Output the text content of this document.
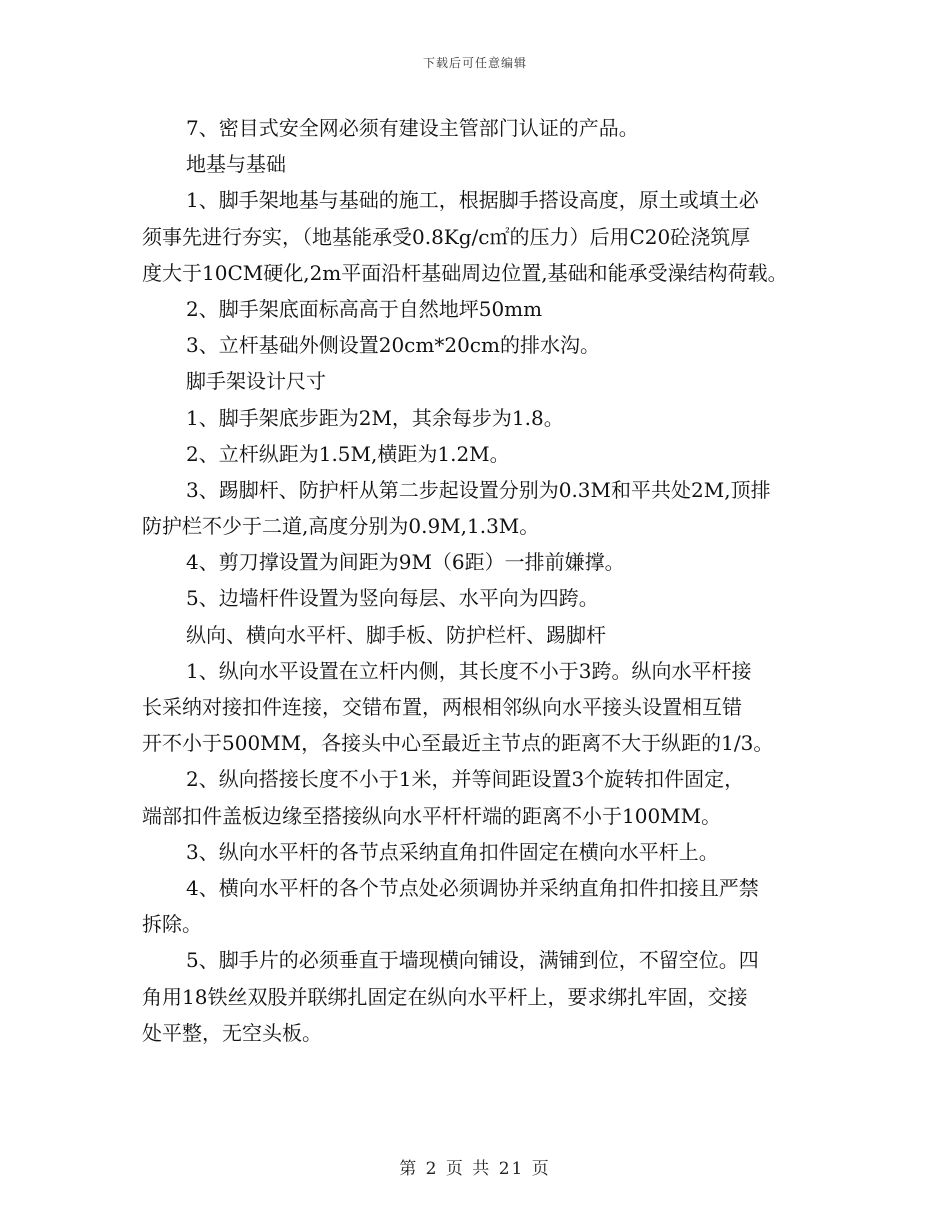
下载后可任意编辑
7、密目式安全网必须有建设主管部门认证的产品。
地基与基础
1、脚手架地基与基础的施工，根据脚手搭设高度，原土或填土必
须事先进行夯实，（地基能承受0.8Kg/c㎡的压力）后用C20砼浇筑厚
度大于10CM硬化,2m平面沿杆基础周边位置,基础和能承受澡结构荷载。
2、脚手架底面标高高于自然地坪50mm
3、立杆基础外侧设置20cm*20cm的排水沟。
脚手架设计尺寸
1、脚手架底步距为2M，其余每步为1.8。
2、立杆纵距为1.5M,横距为1.2M。
3、踢脚杆、防护杆从第二步起设置分别为0.3M和平共处2M,顶排
防护栏不少于二道,高度分别为0.9M,1.3M。
4、剪刀撑设置为间距为9M（6距）一排前嫌撑。
5、边墙杆件设置为竖向每层、水平向为四跨。
纵向、横向水平杆、脚手板、防护栏杆、踢脚杆
1、纵向水平设置在立杆内侧，其长度不小于3跨。纵向水平杆接
长采纳对接扣件连接，交错布置，两根相邻纵向水平接头设置相互错
开不小于500MM，各接头中心至最近主节点的距离不大于纵距的1/3。
2、纵向搭接长度不小于1米，并等间距设置3个旋转扣件固定，
端部扣件盖板边缘至搭接纵向水平杆杆端的距离不小于100MM。
3、纵向水平杆的各节点采纳直角扣件固定在横向水平杆上。
4、横向水平杆的各个节点处必须调协并采纳直角扣件扣接且严禁
拆除。
5、脚手片的必须垂直于墙现横向铺设，满铺到位，不留空位。四
角用18铁丝双股并联绑扎固定在纵向水平杆上，要求绑扎牢固，交接
处平整，无空头板。
第 2 页 共 21 页
